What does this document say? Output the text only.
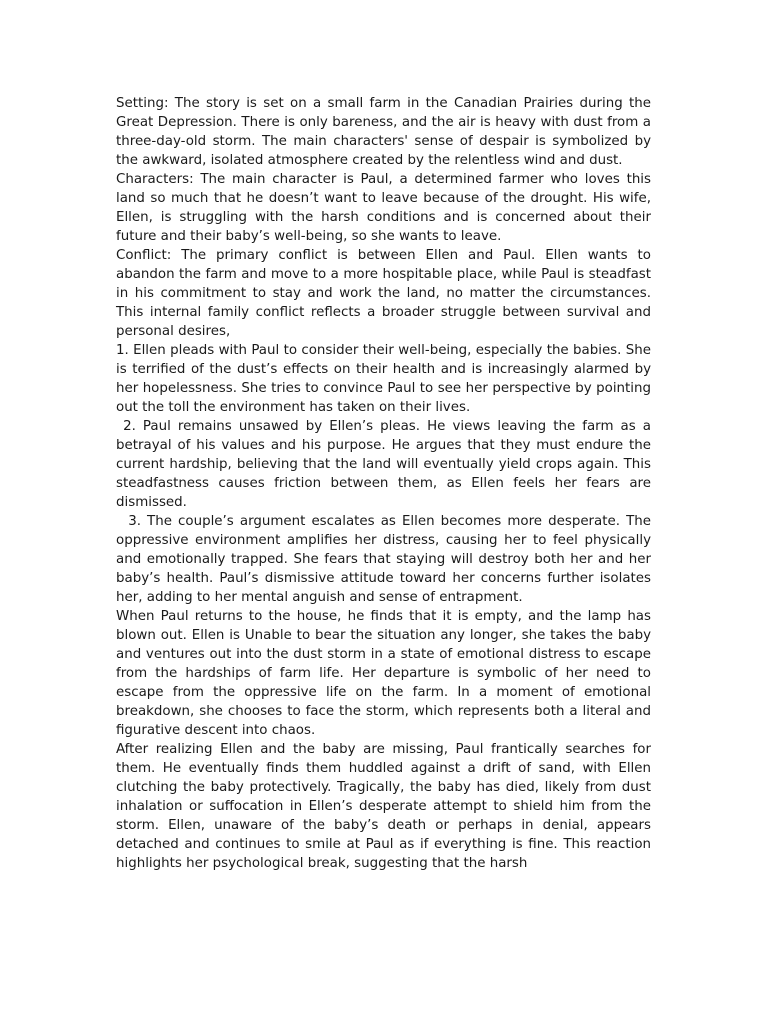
Setting: The story is set on a small farm in the Canadian Prairies during the Great Depression. There is only bareness, and the air is heavy with dust from a three-day-old storm. The main characters' sense of despair is symbolized by the awkward, isolated atmosphere created by the relentless wind and dust.

Characters: The main character is Paul, a determined farmer who loves this land so much that he doesn’t want to leave because of the drought. His wife, Ellen, is struggling with the harsh conditions and is concerned about their future and their baby’s well-being, so she wants to leave.

Conflict: The primary conflict is between Ellen and Paul. Ellen wants to abandon the farm and move to a more hospitable place, while Paul is steadfast in his commitment to stay and work the land, no matter the circumstances. This internal family conflict reflects a broader struggle between survival and personal desires,

1. Ellen pleads with Paul to consider their well-being, especially the babies. She is terrified of the dust’s effects on their health and is increasingly alarmed by her hopelessness. She tries to convince Paul to see her perspective by pointing out the toll the environment has taken on their lives.

2. Paul remains unsawed by Ellen’s pleas. He views leaving the farm as a betrayal of his values and his purpose. He argues that they must endure the current hardship, believing that the land will eventually yield crops again. This steadfastness causes friction between them, as Ellen feels her fears are dismissed.

3. The couple’s argument escalates as Ellen becomes more desperate. The oppressive environment amplifies her distress, causing her to feel physically and emotionally trapped. She fears that staying will destroy both her and her baby’s health. Paul’s dismissive attitude toward her concerns further isolates her, adding to her mental anguish and sense of entrapment.

When Paul returns to the house, he finds that it is empty, and the lamp has blown out. Ellen is Unable to bear the situation any longer, she takes the baby and ventures out into the dust storm in a state of emotional distress to escape from the hardships of farm life. Her departure is symbolic of her need to escape from the oppressive life on the farm. In a moment of emotional breakdown, she chooses to face the storm, which represents both a literal and figurative descent into chaos.

After realizing Ellen and the baby are missing, Paul frantically searches for them. He eventually finds them huddled against a drift of sand, with Ellen clutching the baby protectively. Tragically, the baby has died, likely from dust inhalation or suffocation in Ellen’s desperate attempt to shield him from the storm. Ellen, unaware of the baby’s death or perhaps in denial, appears detached and continues to smile at Paul as if everything is fine. This reaction highlights her psychological break, suggesting that the harsh
